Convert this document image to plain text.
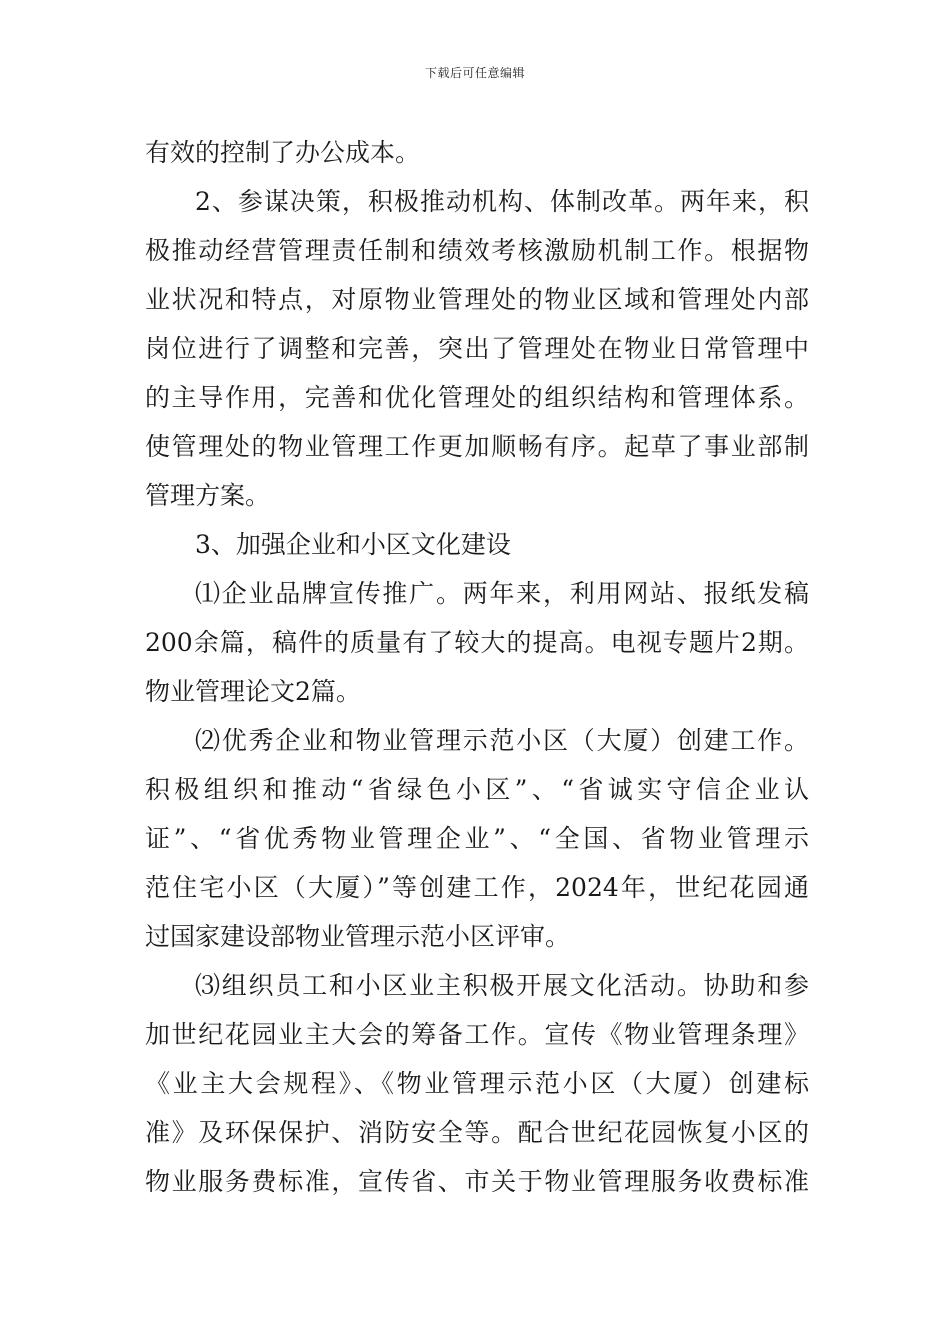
下载后可任意编辑
有效的控制了办公成本。
2、参谋决策，积极推动机构、体制改革。两年来，积
极推动经营管理责任制和绩效考核激励机制工作。根据物
业状况和特点，对原物业管理处的物业区域和管理处内部
岗位进行了调整和完善，突出了管理处在物业日常管理中
的主导作用，完善和优化管理处的组织结构和管理体系。
使管理处的物业管理工作更加顺畅有序。起草了事业部制
管理方案。
3、加强企业和小区文化建设
⑴企业品牌宣传推广。两年来，利用网站、报纸发稿
200余篇，稿件的质量有了较大的提高。电视专题片2期。
物业管理论文2篇。
⑵优秀企业和物业管理示范小区（大厦）创建工作。
积极组织和推动“省绿色小区”、“省诚实守信企业认
证”、“省优秀物业管理企业”、“全国、省物业管理示
范住宅小区（大厦）”等创建工作，2024年，世纪花园通
过国家建设部物业管理示范小区评审。
⑶组织员工和小区业主积极开展文化活动。协助和参
加世纪花园业主大会的筹备工作。宣传《物业管理条理》
《业主大会规程》、《物业管理示范小区（大厦）创建标
准》及环保保护、消防安全等。配合世纪花园恢复小区的
物业服务费标准，宣传省、市关于物业管理服务收费标准
